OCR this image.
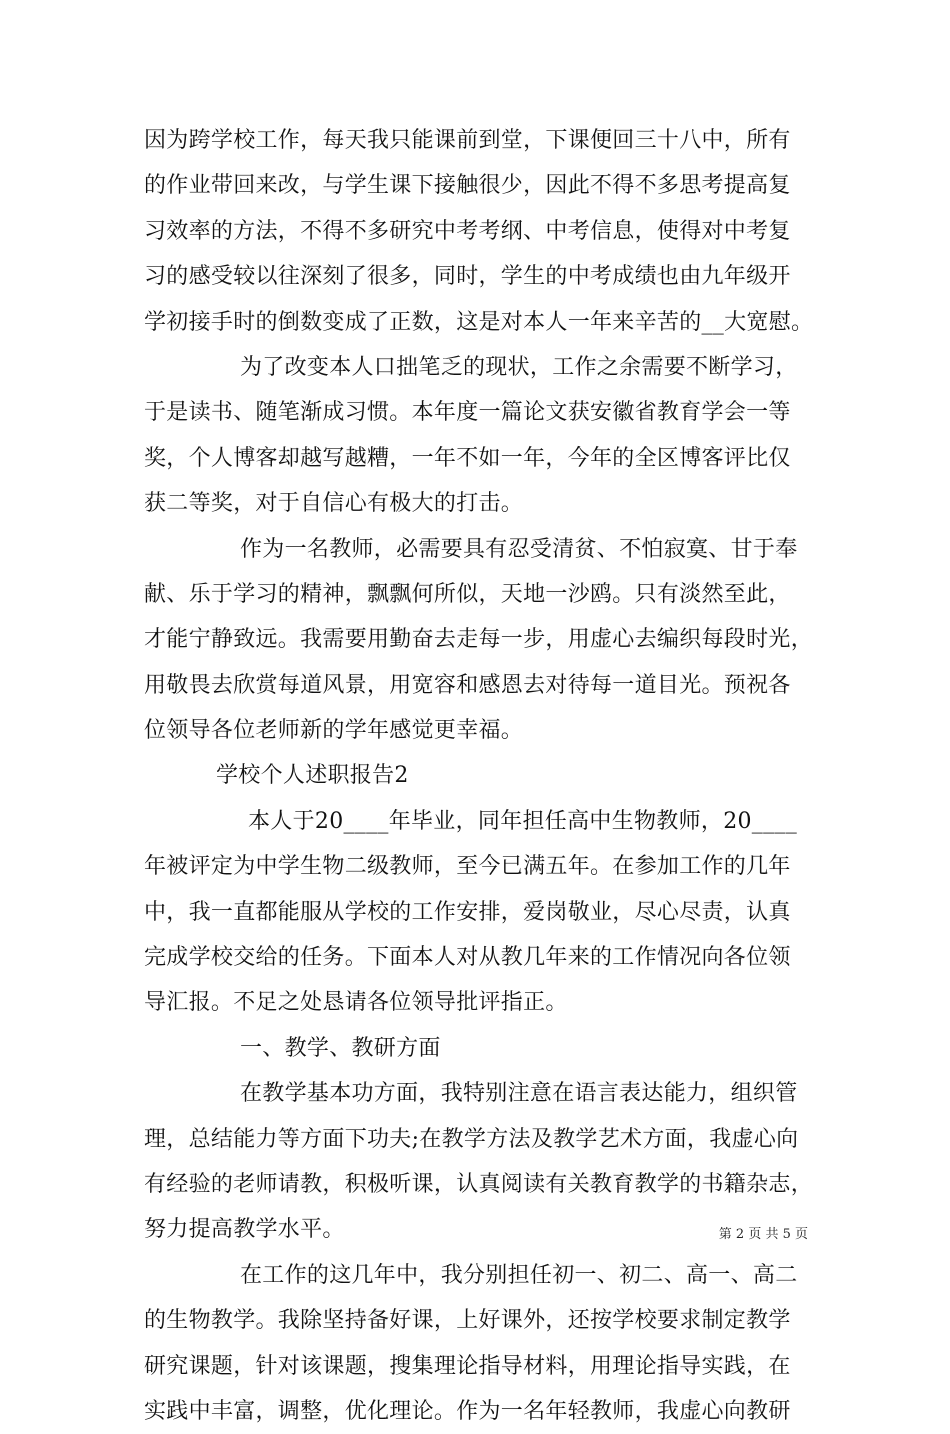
因为跨学校工作，每天我只能课前到堂，下课便回三十八中，所有
的作业带回来改，与学生课下接触很少，因此不得不多思考提高复
习效率的方法，不得不多研究中考考纲、中考信息，使得对中考复
习的感受较以往深刻了很多，同时，学生的中考成绩也由九年级开
学初接手时的倒数变成了正数，这是对本人一年来辛苦的__大宽慰。
为了改变本人口拙笔乏的现状，工作之余需要不断学习，
于是读书、随笔渐成习惯。本年度一篇论文获安徽省教育学会一等
奖，个人博客却越写越糟，一年不如一年，今年的全区博客评比仅
获二等奖，对于自信心有极大的打击。
作为一名教师，必需要具有忍受清贫、不怕寂寞、甘于奉
献、乐于学习的精神，飘飘何所似，天地一沙鸥。只有淡然至此，
才能宁静致远。我需要用勤奋去走每一步，用虚心去编织每段时光，
用敬畏去欣赏每道风景，用宽容和感恩去对待每一道目光。预祝各
位领导各位老师新的学年感觉更幸福。
学校个人述职报告2
本人于20____年毕业，同年担任高中生物教师，20____
年被评定为中学生物二级教师，至今已满五年。在参加工作的几年
中，我一直都能服从学校的工作安排，爱岗敬业，尽心尽责，认真
完成学校交给的任务。下面本人对从教几年来的工作情况向各位领
导汇报。不足之处恳请各位领导批评指正。
一、教学、教研方面
在教学基本功方面，我特别注意在语言表达能力，组织管
理，总结能力等方面下功夫;在教学方法及教学艺术方面，我虚心向
有经验的老师请教，积极听课，认真阅读有关教育教学的书籍杂志，
努力提高教学水平。
在工作的这几年中，我分别担任初一、初二、高一、高二
的生物教学。我除坚持备好课，上好课外，还按学校要求制定教学
研究课题，针对该课题，搜集理论指导材料，用理论指导实践，在
实践中丰富，调整，优化理论。作为一名年轻教师，我虚心向教研
第 2 页 共 5 页
